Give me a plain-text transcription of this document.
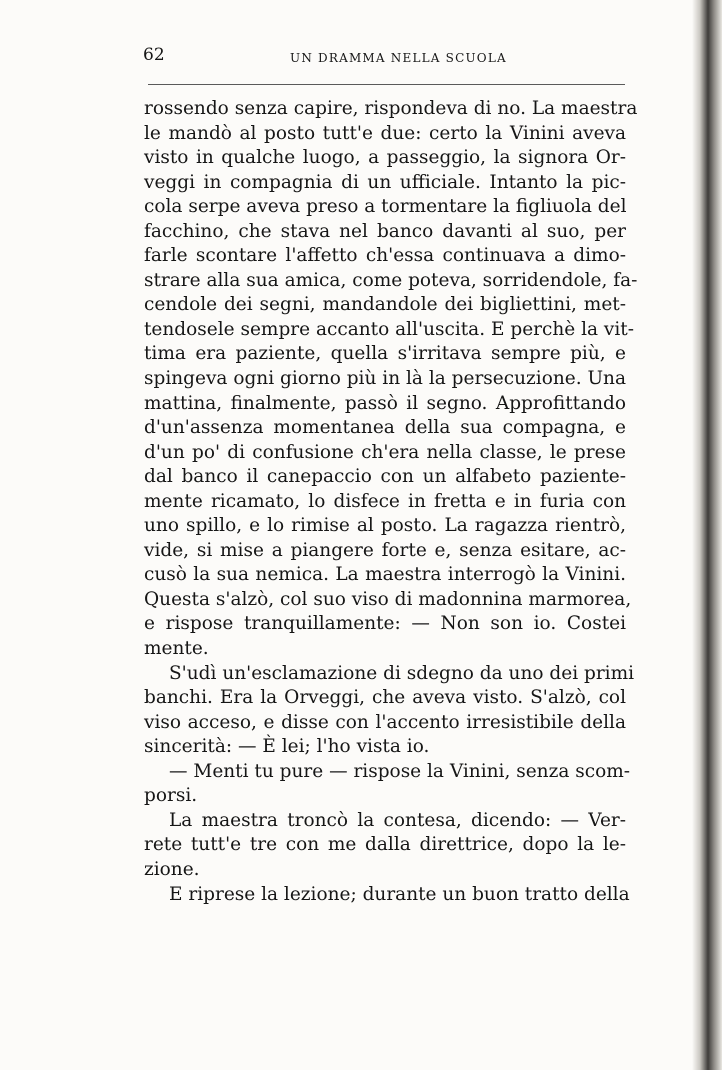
62	UN DRAMMA NELLA SCUOLA
rossendo senza capire, rispondeva di no. La maestra
le mandò al posto tutt'e due: certo la Vinini aveva
visto in qualche luogo, a passeggio, la signora Or-
veggi in compagnia di un ufficiale. Intanto la pic-
cola serpe aveva preso a tormentare la figliuola del
facchino, che stava nel banco davanti al suo, per
farle scontare l'affetto ch'essa continuava a dimo-
strare alla sua amica, come poteva, sorridendole, fa-
cendole dei segni, mandandole dei bigliettini, met-
tendosele sempre accanto all'uscita. E perchè la vit-
tima era paziente, quella s'irritava sempre più, e
spingeva ogni giorno più in là la persecuzione. Una
mattina, finalmente, passò il segno. Approfittando
d'un'assenza momentanea della sua compagna, e
d'un po' di confusione ch'era nella classe, le prese
dal banco il canepaccio con un alfabeto paziente-
mente ricamato, lo disfece in fretta e in furia con
uno spillo, e lo rimise al posto. La ragazza rientrò,
vide, si mise a piangere forte e, senza esitare, ac-
cusò la sua nemica. La maestra interrogò la Vinini.
Questa s'alzò, col suo viso di madonnina marmorea,
e rispose tranquillamente: — Non son io. Costei
mente.
S'udì un'esclamazione di sdegno da uno dei primi
banchi. Era la Orveggi, che aveva visto. S'alzò, col
viso acceso, e disse con l'accento irresistibile della
sincerità: — È lei; l'ho vista io.
— Menti tu pure — rispose la Vinini, senza scom-
porsi.
La maestra troncò la contesa, dicendo: — Ver-
rete tutt'e tre con me dalla direttrice, dopo la le-
zione.
E riprese la lezione; durante un buon tratto della
